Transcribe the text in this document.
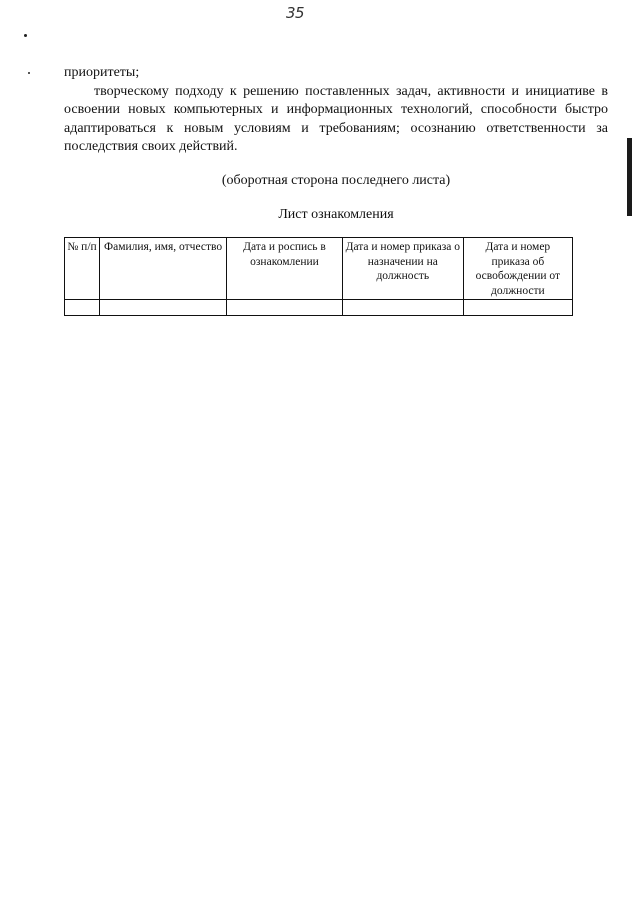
35

приоритеты;

творческому подходу к решению поставленных задач, активности и инициативе в освоении новых компьютерных и информационных технологий, способности быстро адаптироваться к новым условиям и требованиям; осознанию ответственности за последствия своих действий.

(оборотная сторона последнего листа)
Лист ознакомления
№ п/п	Фамилия, имя, отчество	Дата и роспись в ознакомлении	Дата и номер приказа о назначении на должность	Дата и номер приказа об освобождении от должности
